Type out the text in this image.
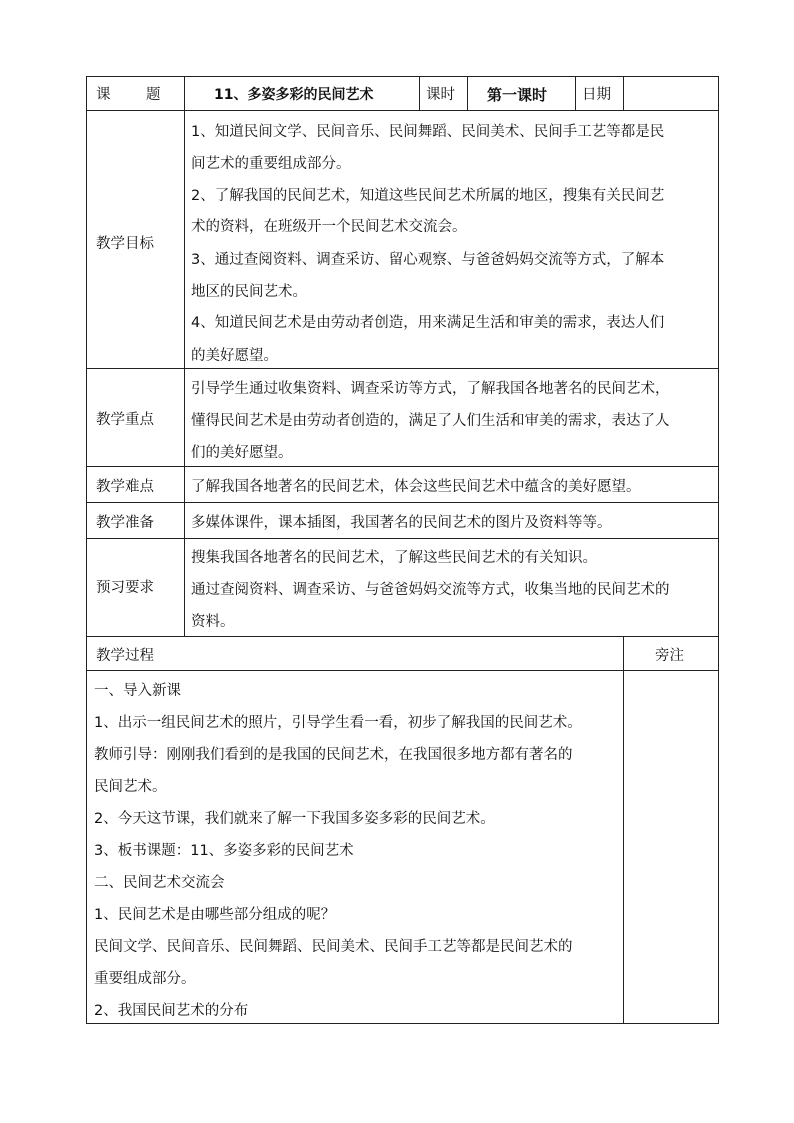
课 题	11、多姿多彩的民间艺术	课时 第一课时 日期
教学目标
1、知道民间文学、民间音乐、民间舞蹈、民间美术、民间手工艺等都是民
间艺术的重要组成部分。
2、了解我国的民间艺术，知道这些民间艺术所属的地区，搜集有关民间艺
术的资料，在班级开一个民间艺术交流会。
3、通过查阅资料、调查采访、留心观察、与爸爸妈妈交流等方式，了解本
地区的民间艺术。
4、知道民间艺术是由劳动者创造，用来满足生活和审美的需求，表达人们
的美好愿望。
教学重点
引导学生通过收集资料、调查采访等方式，了解我国各地著名的民间艺术，
懂得民间艺术是由劳动者创造的，满足了人们生活和审美的需求，表达了人
们的美好愿望。
教学难点	了解我国各地著名的民间艺术，体会这些民间艺术中蕴含的美好愿望。
教学准备	多媒体课件，课本插图，我国著名的民间艺术的图片及资料等等。
预习要求
搜集我国各地著名的民间艺术，了解这些民间艺术的有关知识。
通过查阅资料、调查采访、与爸爸妈妈交流等方式，收集当地的民间艺术的
资料。
教学过程	旁注
一、导入新课
1、出示一组民间艺术的照片，引导学生看一看，初步了解我国的民间艺术。
教师引导：刚刚我们看到的是我国的民间艺术，在我国很多地方都有著名的
民间艺术。
2、今天这节课，我们就来了解一下我国多姿多彩的民间艺术。
3、板书课题：11、多姿多彩的民间艺术
二、民间艺术交流会
1、民间艺术是由哪些部分组成的呢？
民间文学、民间音乐、民间舞蹈、民间美术、民间手工艺等都是民间艺术的
重要组成部分。
2、我国民间艺术的分布
